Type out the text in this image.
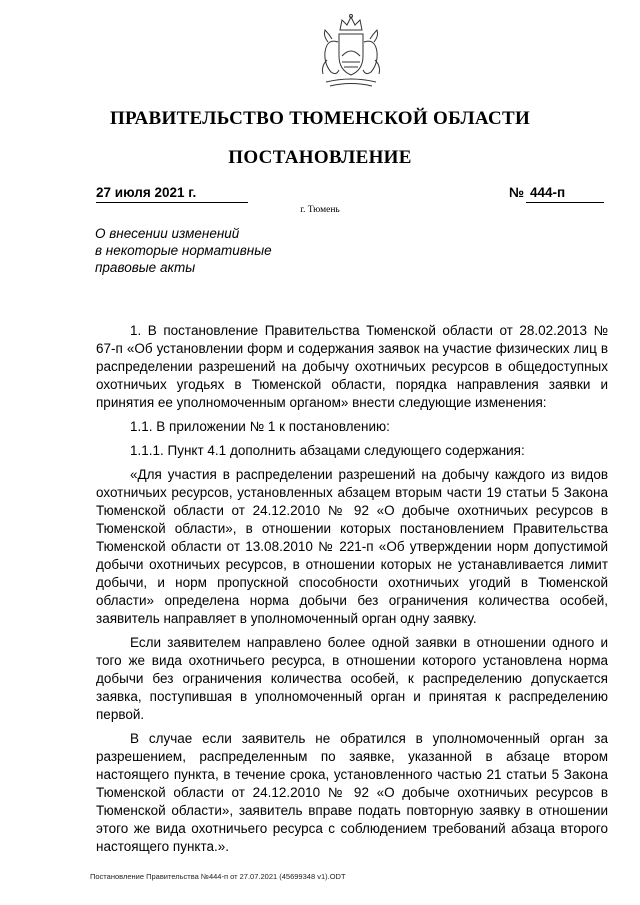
ПРАВИТЕЛЬСТВО ТЮМЕНСКОЙ ОБЛАСТИ
ПОСТАНОВЛЕНИЕ
27 июля 2021 г.	№ 444-п
г. Тюмень
О внесении изменений
в некоторые нормативные
правовые акты

1. В постановление Правительства Тюменской области от 28.02.2013 № 67-п «Об установлении форм и содержания заявок на участие физических лиц в распределении разрешений на добычу охотничьих ресурсов в общедоступных охотничьих угодьях в Тюменской области, порядка направления заявки и принятия ее уполномоченным органом» внести следующие изменения:

1.1. В приложении № 1 к постановлению:

1.1.1. Пункт 4.1 дополнить абзацами следующего содержания:

«Для участия в распределении разрешений на добычу каждого из видов охотничьих ресурсов, установленных абзацем вторым части 19 статьи 5 Закона Тюменской области от 24.12.2010 № 92 «О добыче охотничьих ресурсов в Тюменской области», в отношении которых постановлением Правительства Тюменской области от 13.08.2010 № 221-п «Об утверждении норм допустимой добычи охотничьих ресурсов, в отношении которых не устанавливается лимит добычи, и норм пропускной способности охотничьих угодий в Тюменской области» определена норма добычи без ограничения количества особей, заявитель направляет в уполномоченный орган одну заявку.

Если заявителем направлено более одной заявки в отношении одного и того же вида охотничьего ресурса, в отношении которого установлена норма добычи без ограничения количества особей, к распределению допускается заявка, поступившая в уполномоченный орган и принятая к распределению первой.

В случае если заявитель не обратился в уполномоченный орган за разрешением, распределенным по заявке, указанной в абзаце втором настоящего пункта, в течение срока, установленного частью 21 статьи 5 Закона Тюменской области от 24.12.2010 № 92 «О добыче охотничьих ресурсов в Тюменской области», заявитель вправе подать повторную заявку в отношении этого же вида охотничьего ресурса с соблюдением требований абзаца второго настоящего пункта.».

Постановление Правительства №444-п от 27.07.2021 (45699348 v1).ODT
